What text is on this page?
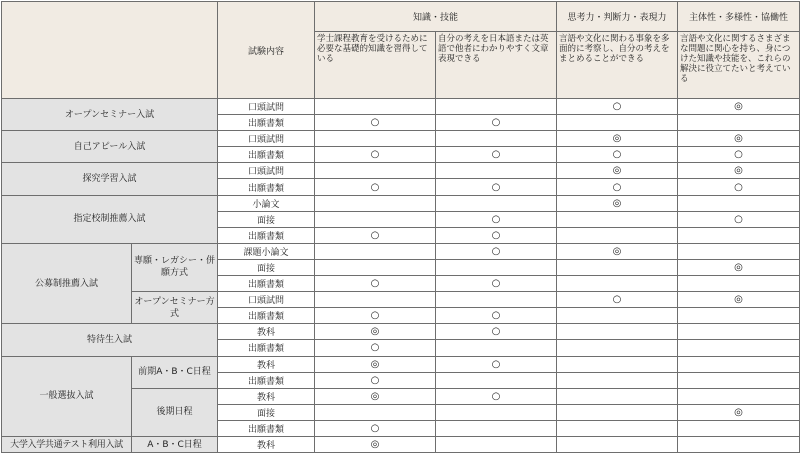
		試験内容	知識・技能		思考力・判断力・表現力	主体性・多様性・協働性
			学士課程教育を受けるために必要な基礎的知識を習得している	自分の考えを日本語または英語で他者にわかりやすく文章表現できる	言語や文化に関わる事象を多面的に考察し、自分の考えをまとめることができる	言語や文化に関するさまざまな問題に関心を持ち、身につけた知識や技能を、これらの解決に役立てたいと考えている
オープンセミナー入試		口頭試問			○	◎
		出願書類	○	○		
自己アピール入試		口頭試問			◎	◎
		出願書類	○	○	○	○
探究学習入試		口頭試問			◎	◎
		出願書類	○	○	○	○
指定校制推薦入試		小論文			◎	
		面接		○		○
		出願書類	○	○		
公募制推薦入試	専願・レガシー・併願方式	課題小論文		○	◎	
		面接				◎
		出願書類	○	○		
	オープンセミナー方式	口頭試問			○	◎
		出願書類	○	○		
特待生入試		教科	◎	○		
		出願書類	○			
一般選抜入試	前期A・B・C日程	教科	◎	○		
		出願書類	○			
	後期日程	教科	◎	○		
		面接				◎
		出願書類	○			
大学入学共通テスト利用入試	A・B・C日程	教科	◎			
